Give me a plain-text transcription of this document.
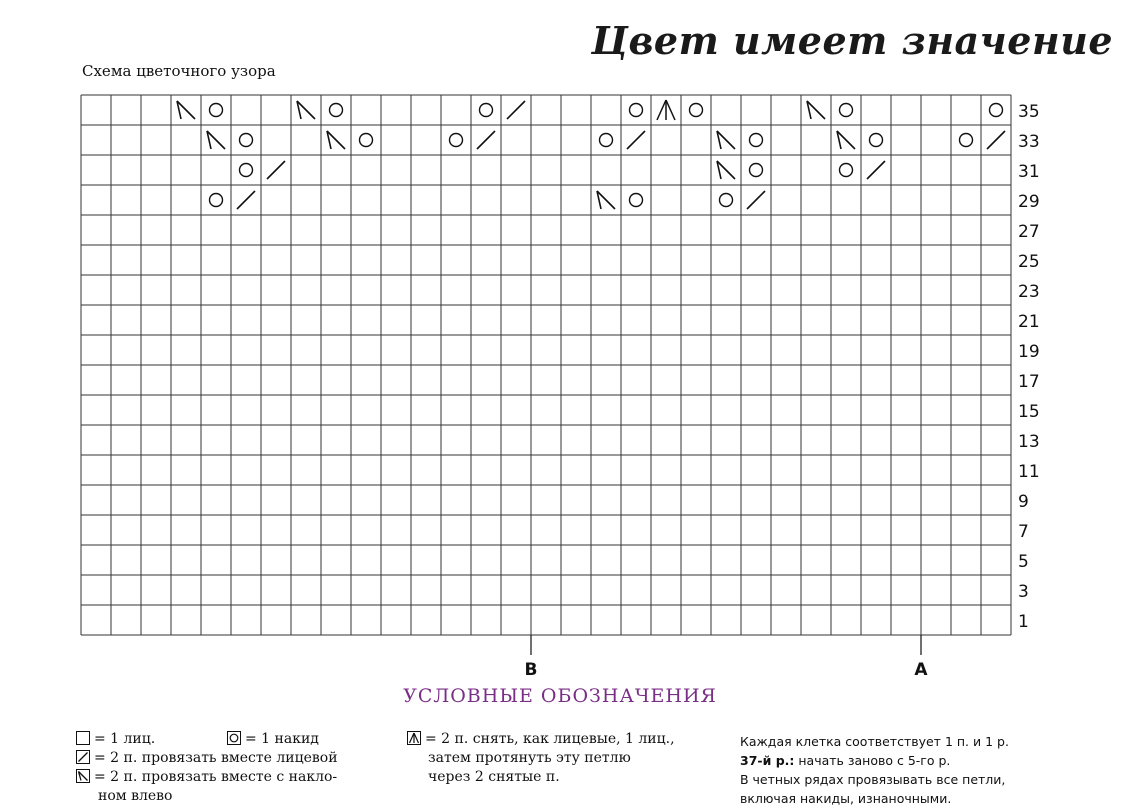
Цвет имеет значение
Схема цветочного узора
35
33
31
29
27
25
23
21
19
17
15
13
11
9
7
5
3
1
В	А
УСЛОВНЫЕ ОБОЗНАЧЕНИЯ
= 1 лиц.	= 1 накид
= 2 п. провязать вместе лицевой
= 2 п. провязать вместе с накло-
ном влево
= 2 п. снять, как лицевые, 1 лиц.,
затем протянуть эту петлю
через 2 снятые п.
Каждая клетка соответствует 1 п. и 1 р.
37-й р.: начать заново с 5-го р.
В четных рядах провязывать все петли,
включая накиды, изнаночными.
